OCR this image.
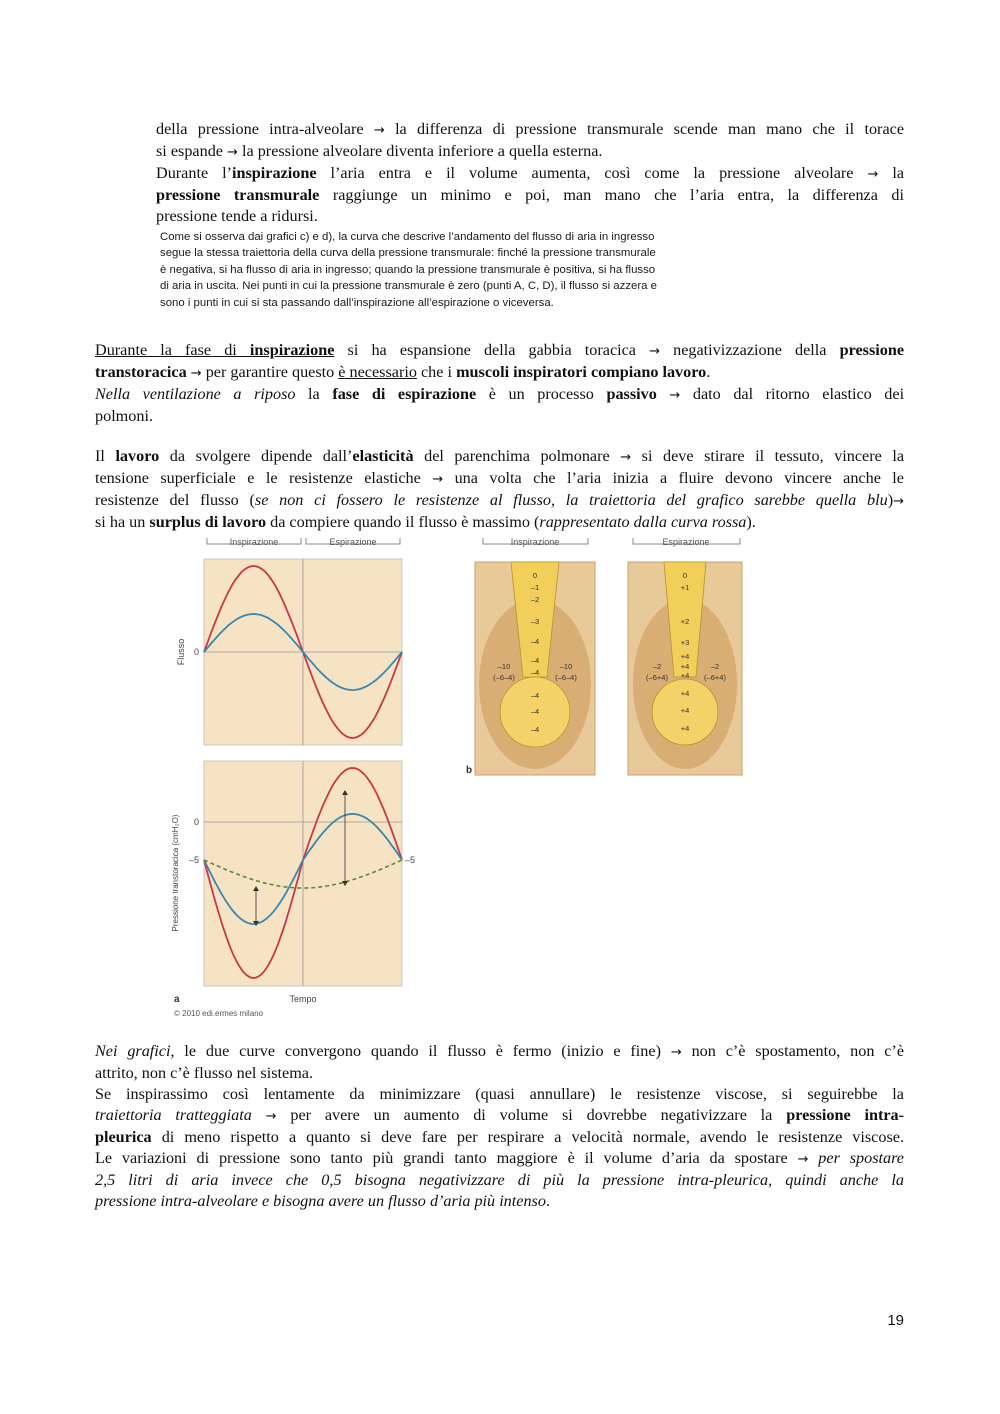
della pressione intra-alveolare → la differenza di pressione transmurale scende man mano che il torace
si espande → la pressione alveolare diventa inferiore a quella esterna.
Durante l’inspirazione l’aria entra e il volume aumenta, così come la pressione alveolare → la
pressione transmurale raggiunge un minimo e poi, man mano che l’aria entra, la differenza di
pressione tende a ridursi.
Come si osserva dai grafici c) e d), la curva che descrive l’andamento del flusso di aria in ingresso
segue la stessa traiettoria della curva della pressione transmurale: finché la pressione transmurale
è negativa, si ha flusso di aria in ingresso; quando la pressione transmurale è positiva, si ha flusso
di aria in uscita. Nei punti in cui la pressione transmurale è zero (punti A, C, D), il flusso si azzera e
sono i punti in cui si sta passando dall’inspirazione all’espirazione o viceversa.
Durante la fase di inspirazione si ha espansione della gabbia toracica → negativizzazione della pressione
transtoracica → per garantire questo è necessario che i muscoli inspiratori compiano lavoro.
Nella ventilazione a riposo la fase di espirazione è un processo passivo → dato dal ritorno elastico dei
polmoni.
Il lavoro da svolgere dipende dall’elasticità del parenchima polmonare → si deve stirare il tessuto, vincere la
tensione superficiale e le resistenze elastiche → una volta che l’aria inizia a fluire devono vincere anche le
resistenze del flusso (se non ci fossero le resistenze al flusso, la traiettoria del grafico sarebbe quella blu)→
si ha un surplus di lavoro da compiere quando il flusso è massimo (rappresentato dalla curva rossa).
Inspirazione	Espirazione	Inspirazione	Espirazione
Flusso 0
Pressione transtoracica (cmH₂O) 0
–5	–5
Tempo
a
© 2010 edi.ermes milano
0
–1
–2
–3
–4
–4
–4
–4
–4
–4
–10
(–6–4)
–10
(–6–4)
b
0
+1
+2
+3
+4
+4
+4
+4
+4
+4
–2
(–6+4)
–2
(–6+4)
Nei grafici, le due curve convergono quando il flusso è fermo (inizio e fine) → non c’è spostamento, non c’è
attrito, non c’è flusso nel sistema.
Se inspirassimo così lentamente da minimizzare (quasi annullare) le resistenze viscose, si seguirebbe la
traiettoria tratteggiata → per avere un aumento di volume si dovrebbe negativizzare la pressione intra-
pleurica di meno rispetto a quanto si deve fare per respirare a velocità normale, avendo le resistenze viscose.
Le variazioni di pressione sono tanto più grandi tanto maggiore è il volume d’aria da spostare → per spostare
2,5 litri di aria invece che 0,5 bisogna negativizzare di più la pressione intra-pleurica, quindi anche la
pressione intra-alveolare e bisogna avere un flusso d’aria più intenso.
19
